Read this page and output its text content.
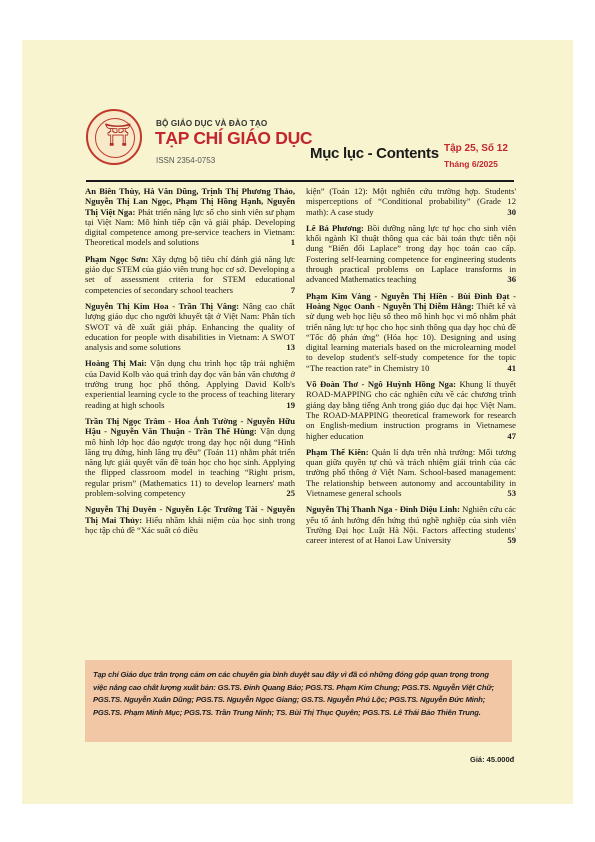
⛩	BỘ GIÁO DỤC VÀ ĐÀO TẠO
TẠP CHÍ GIÁO DỤC
ISSN 2354-0753	Mục lục - Contents Tập 25, Số 12
Tháng 6/2025
An Biên Thùy, Hà Văn Dũng, Trịnh Thị Phương Thảo, Nguyễn Thị Lan Ngọc, Phạm Thị Hồng Hạnh, Nguyễn Thị Việt Nga: Phát triển năng lực số cho sinh viên sư phạm tại Việt Nam: Mô hình tiếp cận và giải pháp. Developing digital competence among pre-service teachers in Vietnam: Theoretical models and solutions	1
Phạm Ngọc Sơn: Xây dựng bộ tiêu chí đánh giá năng lực giáo dục STEM của giáo viên trung học cơ sở. Developing a set of assessment criteria for STEM educational competencies of secondary school teachers	7
Nguyễn Thị Kim Hoa - Trần Thị Vâng: Nâng cao chất lượng giáo dục cho người khuyết tật ở Việt Nam: Phân tích SWOT và đề xuất giải pháp. Enhancing the quality of education for people with disabilities in Vietnam: A SWOT analysis and some solutions	13
Hoàng Thị Mai: Vận dụng chu trình học tập trải nghiệm của David Kolb vào quá trình dạy đọc văn bản văn chương ở trường trung học phổ thông. Applying David Kolb's experiential learning cycle to the process of teaching literary reading at high schools	19
Trần Thị Ngọc Trâm - Hoa Ánh Tường - Nguyễn Hữu Hậu - Nguyễn Văn Thuận - Trần Thế Hùng: Vận dụng mô hình lớp học đảo ngược trong dạy học nội dung “Hình lăng trụ đứng, hình lăng trụ đều” (Toán 11) nhằm phát triển năng lực giải quyết vấn đề toán học cho học sinh. Applying the flipped classroom model in teaching “Right prism, regular prism” (Mathematics 11) to develop learners' math problem-solving competency	25
Nguyễn Thị Duyên - Nguyễn Lộc Trường Tài - Nguyễn Thị Mai Thủy: Hiểu nhầm khái niệm của học sinh trong học tập chủ đề “Xác suất có điều
kiện” (Toán 12): Một nghiên cứu trường hợp. Students' misperceptions of “Conditional probability” (Grade 12 math): A case study	30
Lê Bá Phương: Bồi dưỡng năng lực tự học cho sinh viên khối ngành Kĩ thuật thông qua các bài toán thực tiễn nội dung “Biến đổi Laplace” trong dạy học toán cao cấp. Fostering self-learning competence for engineering students through practical problems on Laplace transforms in advanced Mathematics teaching	36
Phạm Kim Vàng - Nguyễn Thị Hiền - Bùi Đình Đạt - Hoàng Ngọc Oanh - Nguyễn Thị Diễm Hằng: Thiết kế và sử dụng web học liệu số theo mô hình học vi mô nhằm phát triển năng lực tự học cho học sinh thông qua dạy học chủ đề “Tốc độ phản ứng” (Hóa học 10). Designing and using digital learning materials based on the microlearning model to develop student's self-study competence for the topic “The reaction rate” in Chemistry 10	41
Võ Đoàn Thơ - Ngô Huỳnh Hồng Nga: Khung lí thuyết ROAD-MAPPING cho các nghiên cứu về các chương trình giảng dạy bằng tiếng Anh trong giáo dục đại học Việt Nam. The ROAD-MAPPING theoretical framework for research on English-medium instruction programs in Vietnamese higher education	47
Phạm Thế Kiên: Quản lí dựa trên nhà trường: Mối tương quan giữa quyền tự chủ và trách nhiệm giải trình của các trường phổ thông ở Việt Nam. School-based management: The relationship between autonomy and accountability in Vietnamese general schools	53
Nguyễn Thị Thanh Nga - Đinh Diệu Linh: Nghiên cứu các yếu tố ảnh hưởng đến hứng thú nghề nghiệp của sinh viên Trường Đại học Luật Hà Nội. Factors affecting students' career interest of at Hanoi Law University	59

Tạp chí Giáo dục trân trọng cảm ơn các chuyên gia bình duyệt sau đây vì đã có những đóng góp quan trọng trong việc nâng cao chất lượng xuất bản: GS.TS. Đinh Quang Báo; PGS.TS. Phạm Kim Chung; PGS.TS. Nguyễn Việt Chữ; PGS.TS. Nguyễn Xuân Dũng; PGS.TS. Nguyễn Ngọc Giang; GS.TS. Nguyễn Phú Lộc; PGS.TS. Nguyễn Đức Minh; PGS.TS. Phạm Minh Mục; PGS.TS. Trần Trung Ninh; TS. Bùi Thị Thục Quyên; PGS.TS. Lê Thái Bảo Thiên Trung.

Giá: 45.000đ
